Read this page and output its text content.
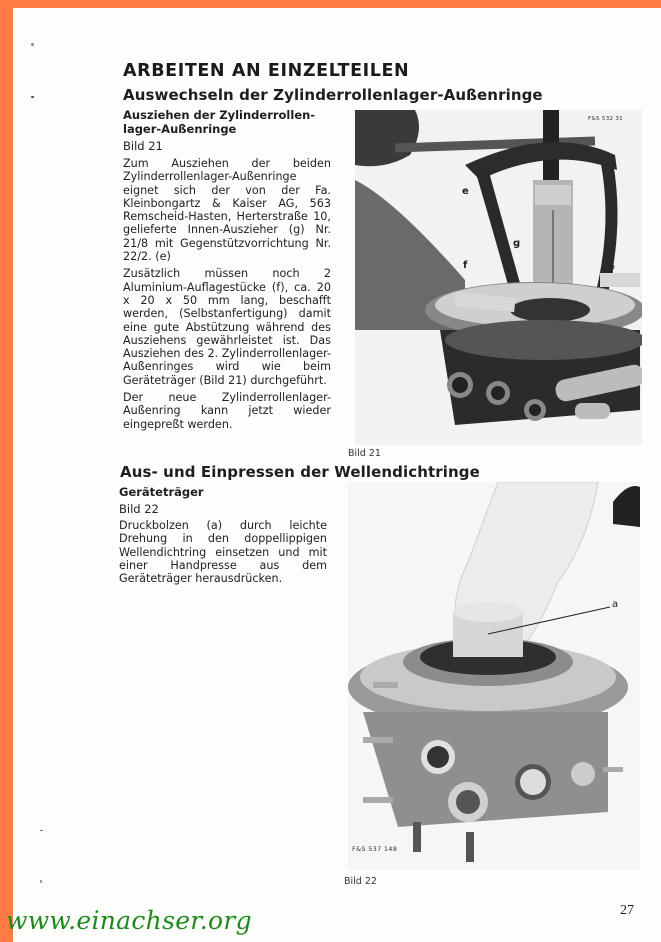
ARBEITEN AN EINZELTEILEN
Auswechseln der Zylinderrollenlager-Außenringe
Ausziehen der Zylinderrollen-
lager-Außenringe
Bild 21

Zum Ausziehen der beiden Zylinderrollenlager-Außenringe eignet sich der von der Fa. Kleinbongartz & Kaiser AG, 563 Remscheid-Hasten, Herterstraße 10, gelieferte Innen-Auszieher (g) Nr. 21/8 mit Gegenstützvorrichtung Nr. 22/2. (e)

Zusätzlich müssen noch 2 Aluminium-Auflagestücke (f), ca. 20 x 20 x 50 mm lang, beschafft werden, (Selbstanfertigung) damit eine gute Abstützung während des Ausziehens gewährleistet ist. Das Ausziehen des 2. Zylinderrollenlager-Außenringes wird wie beim Geräteträger (Bild 21) durchgeführt.

Der neue Zylinderrollenlager-Außenring kann jetzt wieder eingepreßt werden.

F&S 532 31
e
g
f	f
Bild 21
Aus- und Einpressen der Wellendichtringe
Geräteträger
Bild 22

Druckbolzen (a) durch leichte Drehung in den doppellippigen Wellendichtring einsetzen und mit einer Handpresse aus dem Geräteträger herausdrücken.

a
F&S 537 148
Bild 22
27
www.einachser.org
